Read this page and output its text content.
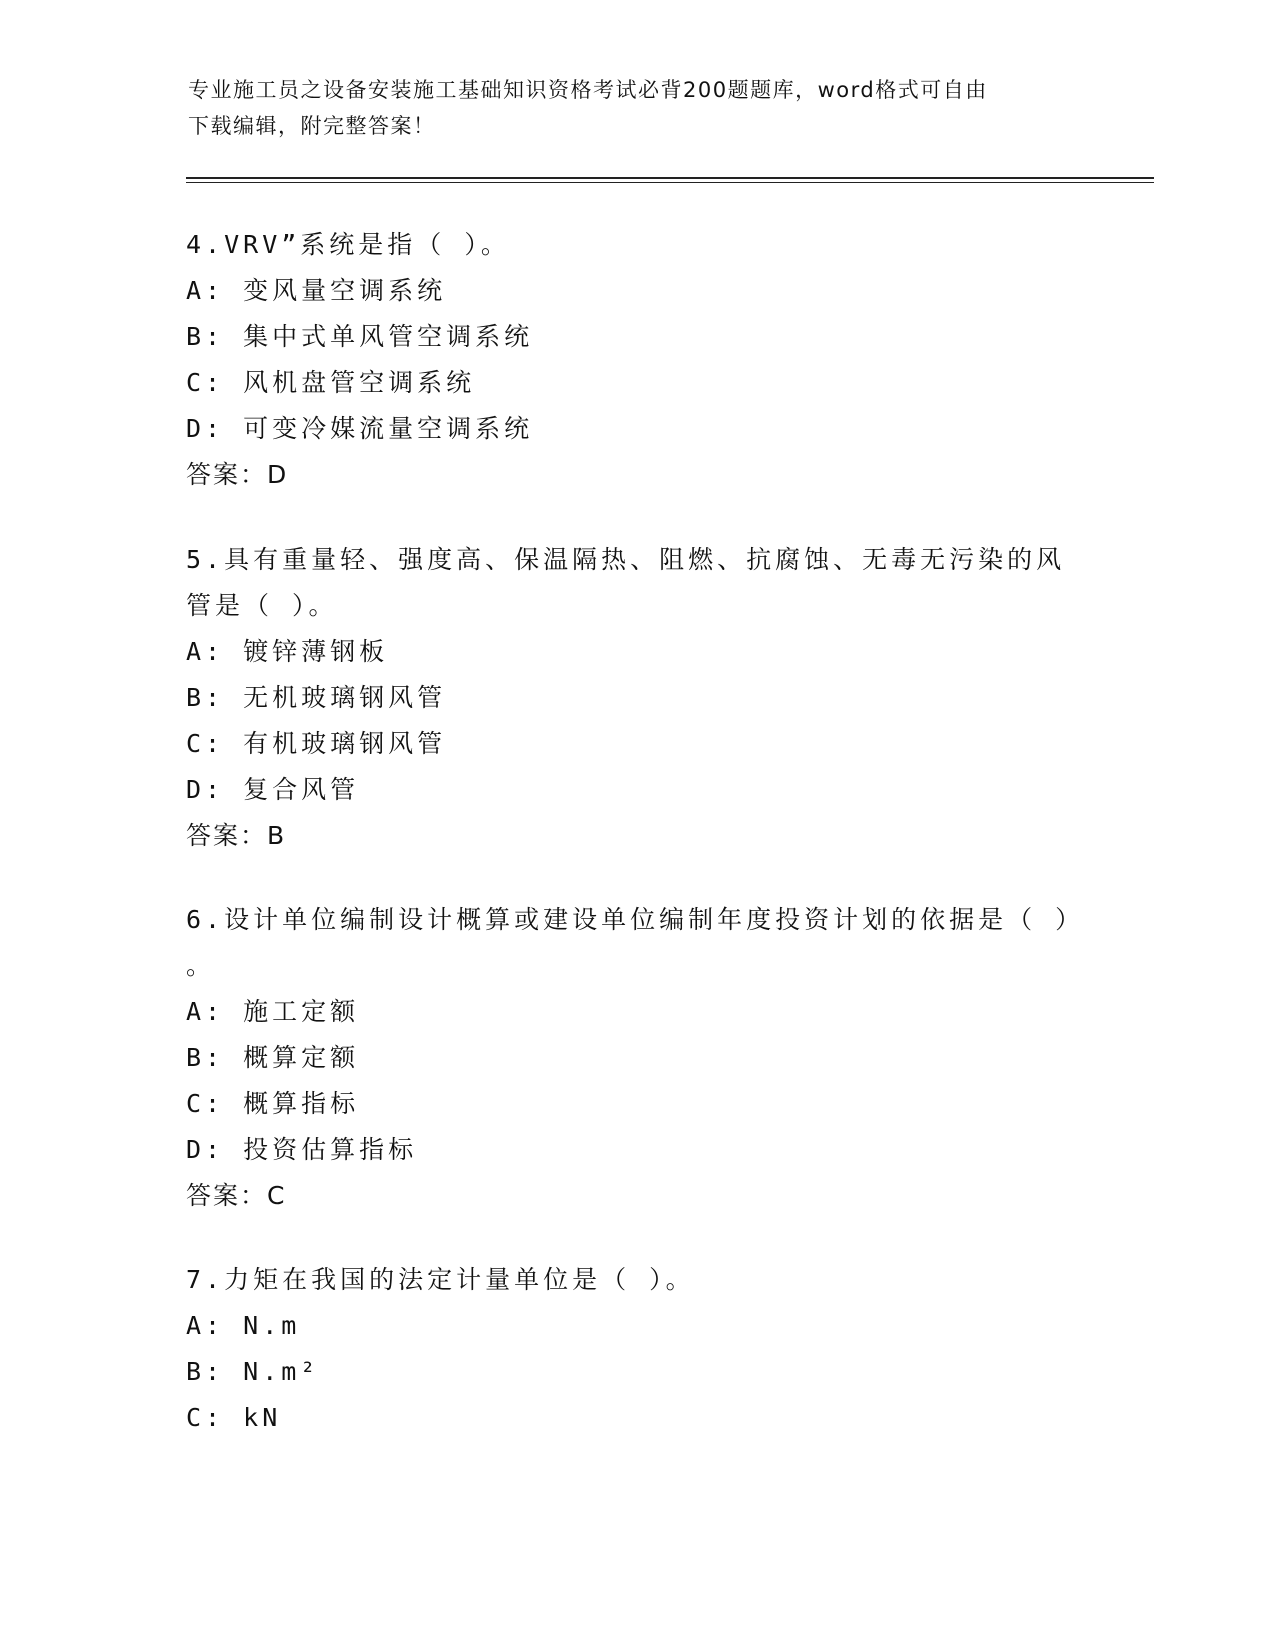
专业施工员之设备安装施工基础知识资格考试必背200题题库，word格式可自由
下载编辑，附完整答案！

4.VRV”系统是指（ ）。

A: 变风量空调系统

B: 集中式单风管空调系统

C: 风机盘管空调系统

D: 可变冷媒流量空调系统

答案：D

5.具有重量轻、强度高、保温隔热、阻燃、抗腐蚀、无毒无污染的风

管是（ ）。

A: 镀锌薄钢板

B: 无机玻璃钢风管

C: 有机玻璃钢风管

D: 复合风管

答案：B

6.设计单位编制设计概算或建设单位编制年度投资计划的依据是（ ）

。

A: 施工定额

B: 概算定额

C: 概算指标

D: 投资估算指标

答案：C

7.力矩在我国的法定计量单位是（ ）。

A: N.m

B: N.m²

C: kN
